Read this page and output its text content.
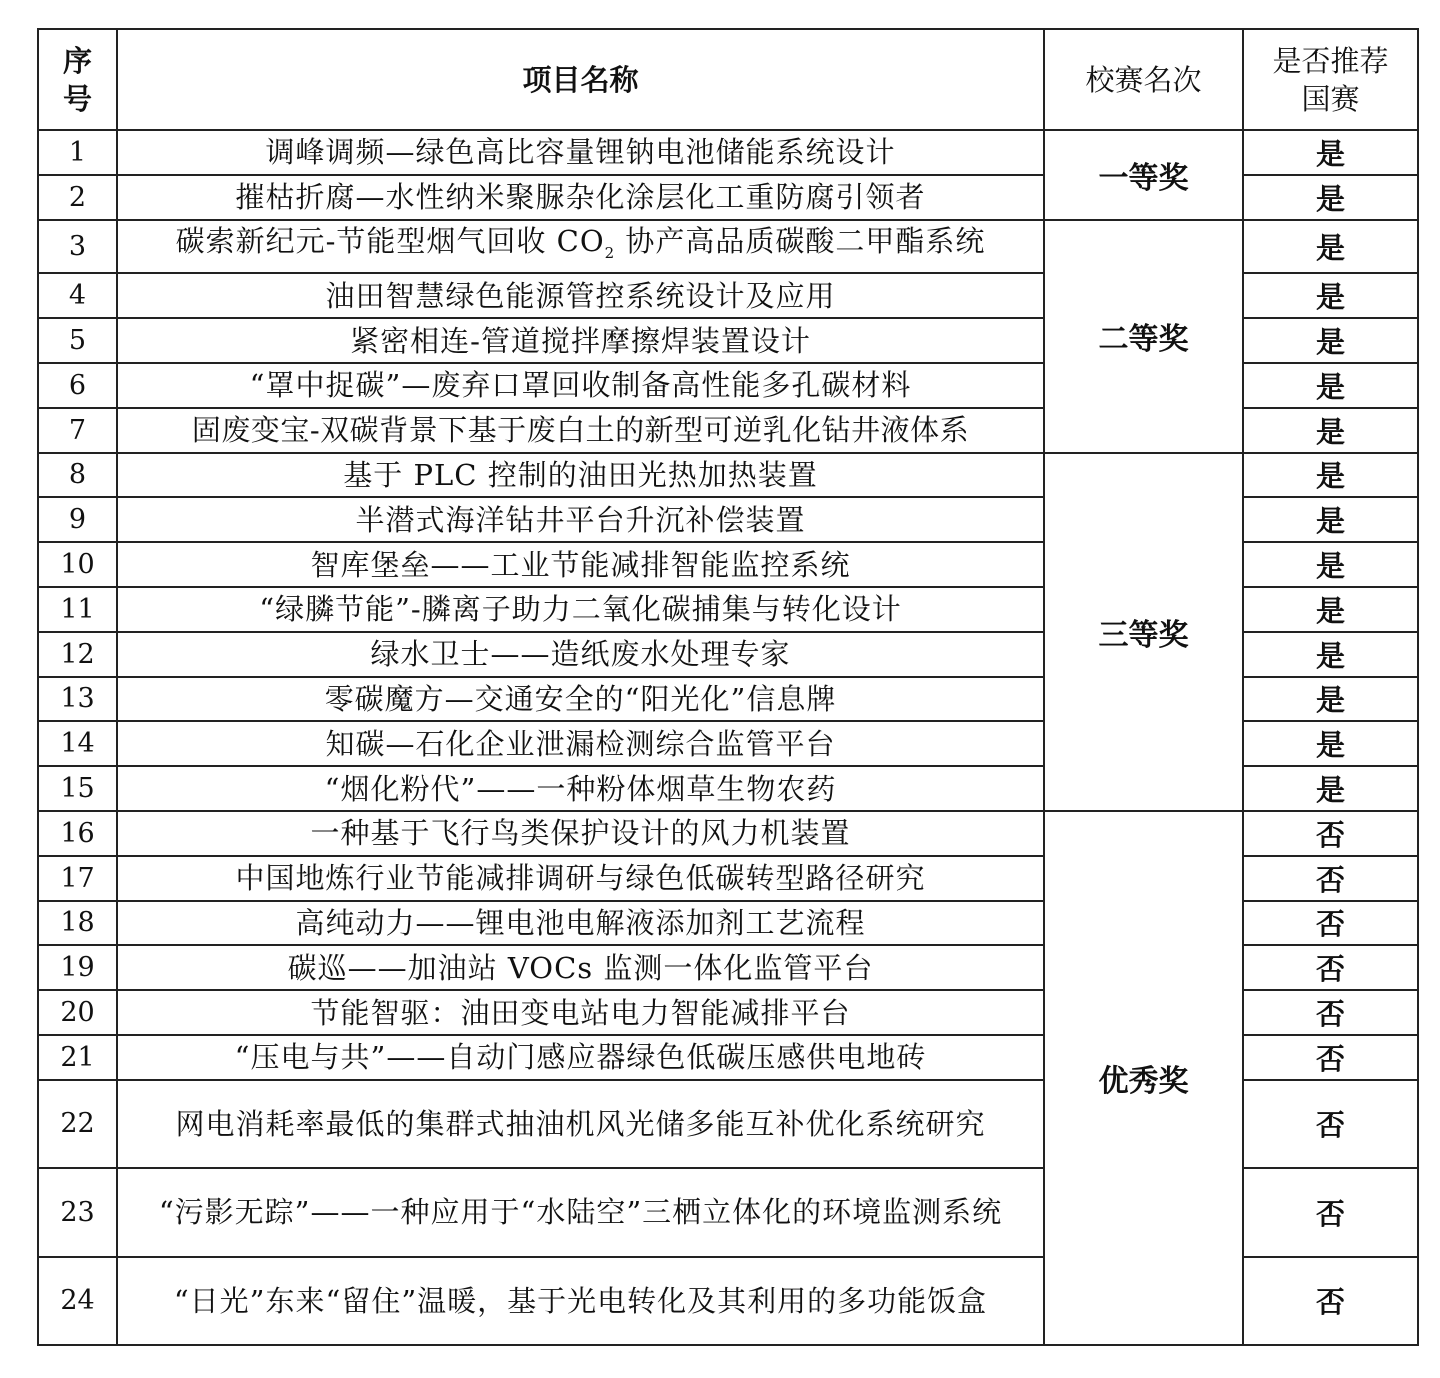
序号	项目名称	校赛名次	是否推荐国赛
1	调峰调频—绿色高比容量锂钠电池储能系统设计	一等奖	是
2	摧枯折腐—水性纳米聚脲杂化涂层化工重防腐引领者		是
3	碳索新纪元-节能型烟气回收 $CO_2$ 协产高品质碳酸二甲酯系统	二等奖	是
4	油田智慧绿色能源管控系统设计及应用		是
5	紧密相连-管道搅拌摩擦焊装置设计		是
6	“罩中捉碳”—废弃口罩回收制备高性能多孔碳材料		是
7	固废变宝-双碳背景下基于废白土的新型可逆乳化钻井液体系		是
8	基于 PLC 控制的油田光热加热装置	三等奖	是
9	半潜式海洋钻井平台升沉补偿装置		是
10	智库堡垒——工业节能减排智能监控系统		是
11	“绿膦节能”-膦离子助力二氧化碳捕集与转化设计		是
12	绿水卫士——造纸废水处理专家		是
13	零碳魔方—交通安全的“阳光化”信息牌		是
14	知碳—石化企业泄漏检测综合监管平台		是
15	“烟化粉代”——一种粉体烟草生物农药		是
16	一种基于飞行鸟类保护设计的风力机装置	优秀奖	否
17	中国地炼行业节能减排调研与绿色低碳转型路径研究		否
18	高纯动力——锂电池电解液添加剂工艺流程		否
19	碳巡——加油站 VOCs 监测一体化监管平台		否
20	节能智驱：油田变电站电力智能减排平台		否
21	“压电与共”——自动门感应器绿色低碳压感供电地砖		否
22	网电消耗率最低的集群式抽油机风光储多能互补优化系统研究		否
23	“污影无踪”——一种应用于“水陆空”三栖立体化的环境监测系统		否
24	“日光”东来“留住”温暖，基于光电转化及其利用的多功能饭盒		否
